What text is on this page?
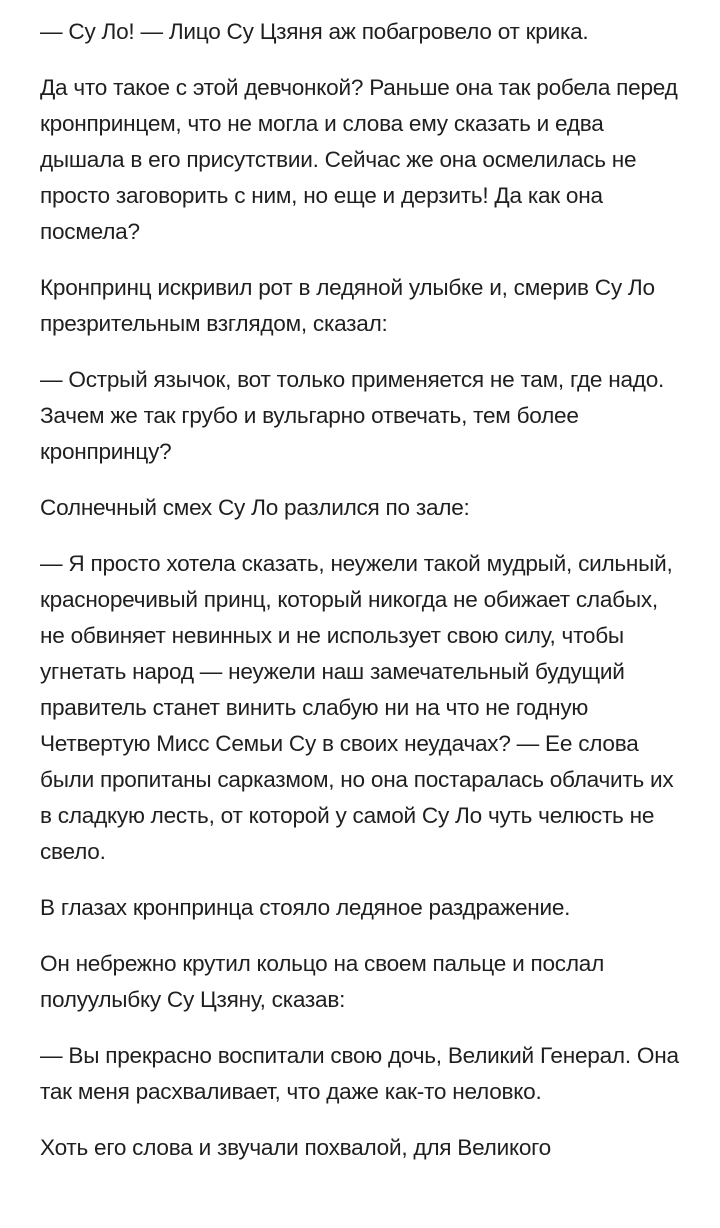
— Су Ло! — Лицо Су Цзяня аж побагровело от крика.

Да что такое с этой девчонкой? Раньше она так робела перед кронпринцем, что не могла и слова ему сказать и едва дышала в его присутствии. Сейчас же она осмелилась не просто заговорить с ним, но еще и дерзить! Да как она посмела?

Кронпринц искривил рот в ледяной улыбке и, смерив Су Ло презрительным взглядом, сказал:

— Острый язычок, вот только применяется не там, где надо. Зачем же так грубо и вульгарно отвечать, тем более кронпринцу?

Солнечный смех Су Ло разлился по зале:

— Я просто хотела сказать, неужели такой мудрый, сильный, красноречивый принц, который никогда не обижает слабых, не обвиняет невинных и не использует свою силу, чтобы угнетать народ — неужели наш замечательный будущий правитель станет винить слабую ни на что не годную Четвертую Мисс Семьи Су в своих неудачах? — Ее слова были пропитаны сарказмом, но она постаралась облачить их в сладкую лесть, от которой у самой Су Ло чуть челюсть не свело.

В глазах кронпринца стояло ледяное раздражение.

Он небрежно крутил кольцо на своем пальце и послал полуулыбку Су Цзяну, сказав:

— Вы прекрасно воспитали свою дочь, Великий Генерал. Она так меня расхваливает, что даже как-то неловко.

Хоть его слова и звучали похвалой, для Великого
